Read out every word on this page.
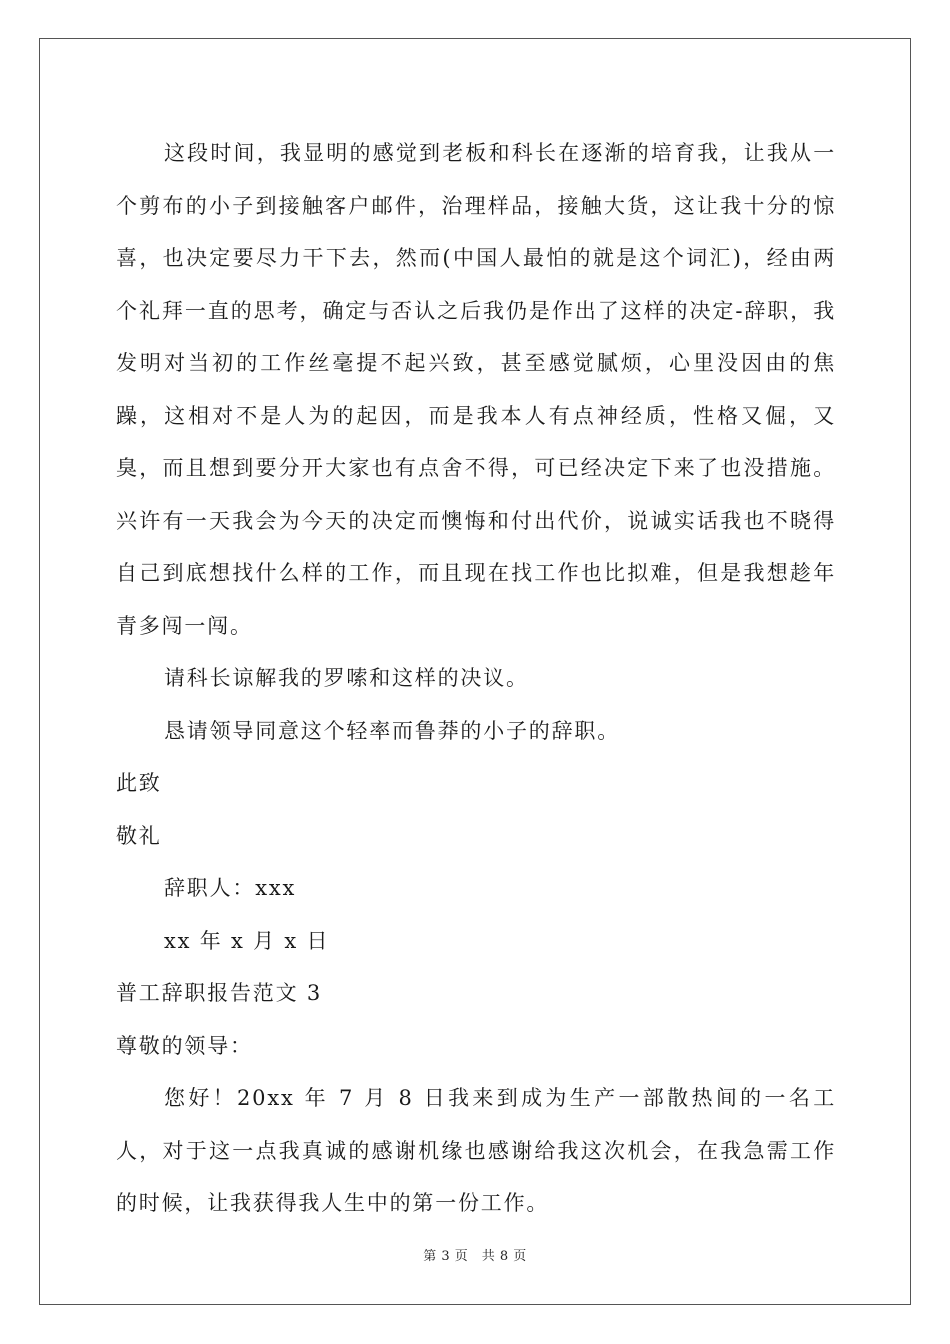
这段时间，我显明的感觉到老板和科长在逐渐的培育我，让我从一个剪布的小子到接触客户邮件，治理样品，接触大货，这让我十分的惊喜，也决定要尽力干下去，然而(中国人最怕的就是这个词汇)，经由两个礼拜一直的思考，确定与否认之后我仍是作出了这样的决定-辞职，我发明对当初的工作丝毫提不起兴致，甚至感觉腻烦，心里没因由的焦躁，这相对不是人为的起因，而是我本人有点神经质，性格又倔，又臭，而且想到要分开大家也有点舍不得，可已经决定下来了也没措施。兴许有一天我会为今天的决定而懊悔和付出代价，说诚实话我也不晓得自己到底想找什么样的工作，而且现在找工作也比拟难，但是我想趁年青多闯一闯。

请科长谅解我的罗嗦和这样的决议。

恳请领导同意这个轻率而鲁莽的小子的辞职。

此致

敬礼

辞职人：xxx

xx 年 x 月 x 日

普工辞职报告范文 3

尊敬的领导：

您好！20xx 年 7 月 8 日我来到成为生产一部散热间的一名工人，对于这一点我真诚的感谢机缘也感谢给我这次机会，在我急需工作的时候，让我获得我人生中的第一份工作。

第 3 页　共 8 页
